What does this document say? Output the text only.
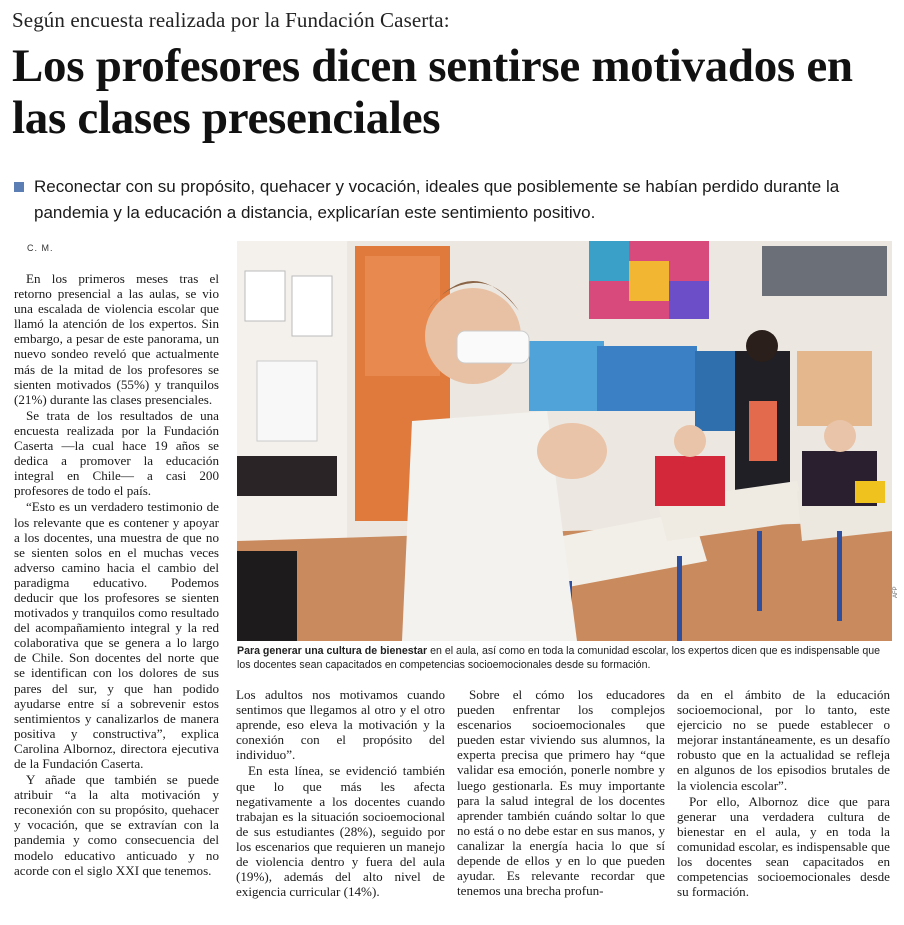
Según encuesta realizada por la Fundación Caserta:
Los profesores dicen sentirse motivados en las clases presenciales

Reconectar con su propósito, quehacer y vocación, ideales que posiblemente se habían perdido durante la pandemia y la educación a distancia, explicarían este sentimiento positivo.

C. M.

En los primeros meses tras el retorno presencial a las aulas, se vio una escalada de violencia escolar que llamó la atención de los expertos. Sin embargo, a pesar de este panorama, un nuevo sondeo reveló que actualmente más de la mitad de los profesores se sienten motivados (55%) y tranquilos (21%) durante las clases presenciales.

Se trata de los resultados de una encuesta realizada por la Fundación Caserta —la cual hace 19 años se dedica a promover la educación integral en Chile— a casi 200 profesores de todo el país.

“Esto es un verdadero testimonio de los relevante que es contener y apoyar a los docentes, una muestra de que no se sienten solos en el muchas veces adverso camino hacia el cambio del paradigma educativo. Podemos deducir que los profesores se sienten motivados y tranquilos como resultado del acompañamiento integral y la red colaborativa que se genera a lo largo de Chile. Son docentes del norte que se identifican con los dolores de sus pares del sur, y que han podido ayudarse entre sí a sobrevenir estos sentimientos y canalizarlos de manera positiva y constructiva”, explica Carolina Albornoz, directora ejecutiva de la Fundación Caserta.

Y añade que también se puede atribuir “a la alta motivación y reconexión con su propósito, quehacer y vocación, que se extravían con la pandemia y como consecuencia del modelo educativo anticuado y no acorde con el siglo XXI que tenemos.

AFP

Para generar una cultura de bienestar en el aula, así como en toda la comunidad escolar, los expertos dicen que es indispensable que los docentes sean capacitados en competencias socioemocionales desde su formación.

Los adultos nos motivamos cuando sentimos que llegamos al otro y el otro aprende, eso eleva la motivación y la conexión con el propósito del individuo”.

En esta línea, se evidenció también que lo que más les afecta negativamente a los docentes cuando trabajan es la situación socioemocional de sus estudiantes (28%), seguido por los escenarios que requieren un manejo de violencia dentro y fuera del aula (19%), además del alto nivel de exigencia curricular (14%).

Sobre el cómo los educadores pueden enfrentar los complejos escenarios socioemocionales que pueden estar viviendo sus alumnos, la experta precisa que primero hay “que validar esa emoción, ponerle nombre y luego gestionarla. Es muy importante para la salud integral de los docentes aprender también cuándo soltar lo que no está o no debe estar en sus manos, y canalizar la energía hacia lo que sí depende de ellos y en lo que pueden ayudar. Es relevante recordar que tenemos una brecha profun-

da en el ámbito de la educación socioemocional, por lo tanto, este ejercicio no se puede establecer o mejorar instantáneamente, es un desafío robusto que en la actualidad se refleja en algunos de los episodios brutales de la violencia escolar”.

Por ello, Albornoz dice que para generar una verdadera cultura de bienestar en el aula, y en toda la comunidad escolar, es indispensable que los docentes sean capacitados en competencias socioemocionales desde su formación.
